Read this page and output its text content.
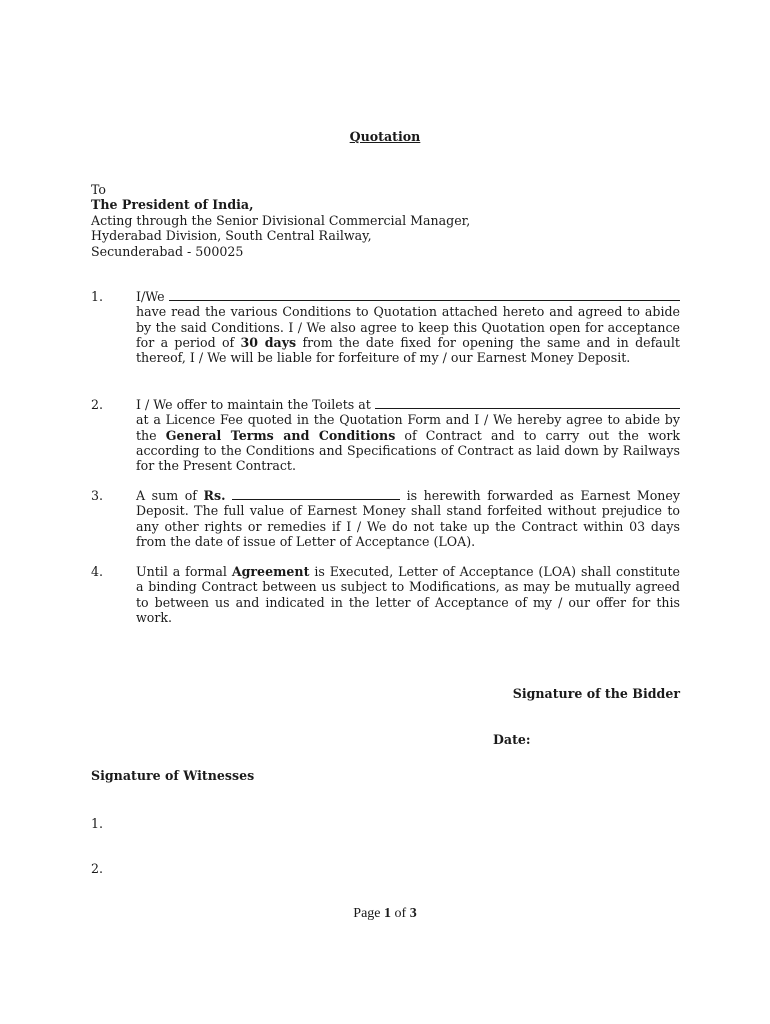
Quotation
To
The President of India,
Acting through the Senior Divisional Commercial Manager,
Hyderabad Division, South Central Railway,
Secunderabad - 500025
1.	I/We
have read the various Conditions to Quotation attached hereto and agreed to abide by the said Conditions. I / We also agree to keep this Quotation open for acceptance for a period of 30 days from the date fixed for opening the same and in default thereof, I / We will be liable for forfeiture of my / our Earnest Money Deposit.
2.	I / We offer to maintain the Toilets at
at a Licence Fee quoted in the Quotation Form and I / We hereby agree to abide by the General Terms and Conditions of Contract and to carry out the work according to the Conditions and Specifications of Contract as laid down by Railways for the Present Contract.
3.	A sum of Rs.	is herewith forwarded as Earnest Money Deposit. The full value of Earnest Money shall stand forfeited without prejudice to any other rights or remedies if I / We do not take up the Contract within 03 days from the date of issue of Letter of Acceptance (LOA).
4.	Until a formal Agreement is Executed, Letter of Acceptance (LOA) shall constitute a binding Contract between us subject to Modifications, as may be mutually agreed to between us and indicated in the letter of Acceptance of my / our offer for this work.
Signature of the Bidder
Date:
Signature of Witnesses
1.
2.
Page 1 of 3
